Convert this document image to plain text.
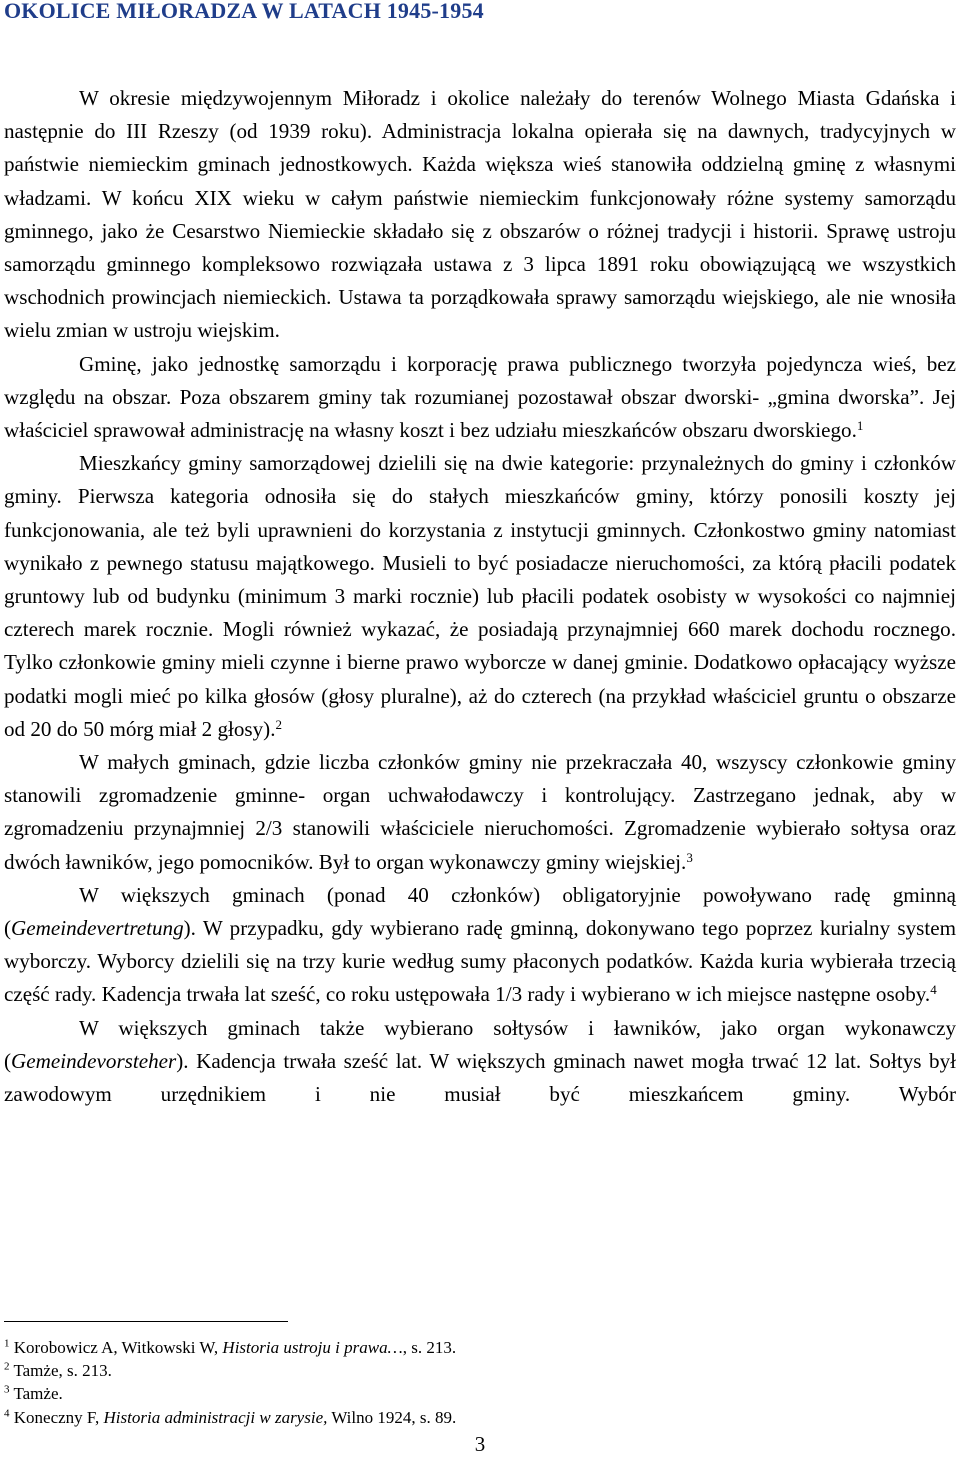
OKOLICE MIŁORADZA W LATACH 1945-1954

W okresie międzywojennym Miłoradz i okolice należały do terenów Wolnego Miasta Gdańska i następnie do III Rzeszy (od 1939 roku). Administracja lokalna opierała się na dawnych, tradycyjnych w państwie niemieckim gminach jednostkowych. Każda większa wieś stanowiła oddzielną gminę z własnymi władzami. W końcu XIX wieku w całym państwie niemieckim funkcjonowały różne systemy samorządu gminnego, jako że Cesarstwo Niemieckie składało się z obszarów o różnej tradycji i historii. Sprawę ustroju samorządu gminnego kompleksowo rozwiązała ustawa z 3 lipca 1891 roku obowiązującą we wszystkich wschodnich prowincjach niemieckich. Ustawa ta porządkowała sprawy samorządu wiejskiego, ale nie wnosiła wielu zmian w ustroju wiejskim.

Gminę, jako jednostkę samorządu i korporację prawa publicznego tworzyła pojedyncza wieś, bez względu na obszar. Poza obszarem gminy tak rozumianej pozostawał obszar dworski- „gmina dworska”. Jej właściciel sprawował administrację na własny koszt i bez udziału mieszkańców obszaru dworskiego.$^1$

Mieszkańcy gminy samorządowej dzielili się na dwie kategorie: przynależnych do gminy i członków gminy. Pierwsza kategoria odnosiła się do stałych mieszkańców gminy, którzy ponosili koszty jej funkcjonowania, ale też byli uprawnieni do korzystania z instytucji gminnych. Członkostwo gminy natomiast wynikało z pewnego statusu majątkowego. Musieli to być posiadacze nieruchomości, za którą płacili podatek gruntowy lub od budynku (minimum 3 marki rocznie) lub płacili podatek osobisty w wysokości co najmniej czterech marek rocznie. Mogli również wykazać, że posiadają przynajmniej 660 marek dochodu rocznego. Tylko członkowie gminy mieli czynne i bierne prawo wyborcze w danej gminie. Dodatkowo opłacający wyższe podatki mogli mieć po kilka głosów (głosy pluralne), aż do czterech (na przykład właściciel gruntu o obszarze od 20 do 50 mórg miał 2 głosy).$^2$

W małych gminach, gdzie liczba członków gminy nie przekraczała 40, wszyscy członkowie gminy stanowili zgromadzenie gminne- organ uchwałodawczy i kontrolujący. Zastrzegano jednak, aby w zgromadzeniu przynajmniej 2/3 stanowili właściciele nieruchomości. Zgromadzenie wybierało sołtysa oraz dwóch ławników, jego pomocników. Był to organ wykonawczy gminy wiejskiej.$^3$

W większych gminach (ponad 40 członków) obligatoryjnie powoływano radę gminną (Gemeindevertretung). W przypadku, gdy wybierano radę gminną, dokonywano tego poprzez kurialny system wyborczy. Wyborcy dzielili się na trzy kurie według sumy płaconych podatków. Każda kuria wybierała trzecią część rady. Kadencja trwała lat sześć, co roku ustępowała 1/3 rady i wybierano w ich miejsce następne osoby.$^4$

W większych gminach także wybierano sołtysów i ławników, jako organ wykonawczy (Gemeindevorsteher). Kadencja trwała sześć lat. W większych gminach nawet mogła trwać 12 lat. Sołtys był zawodowym urzędnikiem i nie musiał być mieszkańcem gminy. Wybór

$^1$ Korobowicz A, Witkowski W, Historia ustroju i prawa…, s. 213.
$^2$ Tamże, s. 213.
$^3$ Tamże.
$^4$ Koneczny F, Historia administracji w zarysie, Wilno 1924, s. 89.
3
